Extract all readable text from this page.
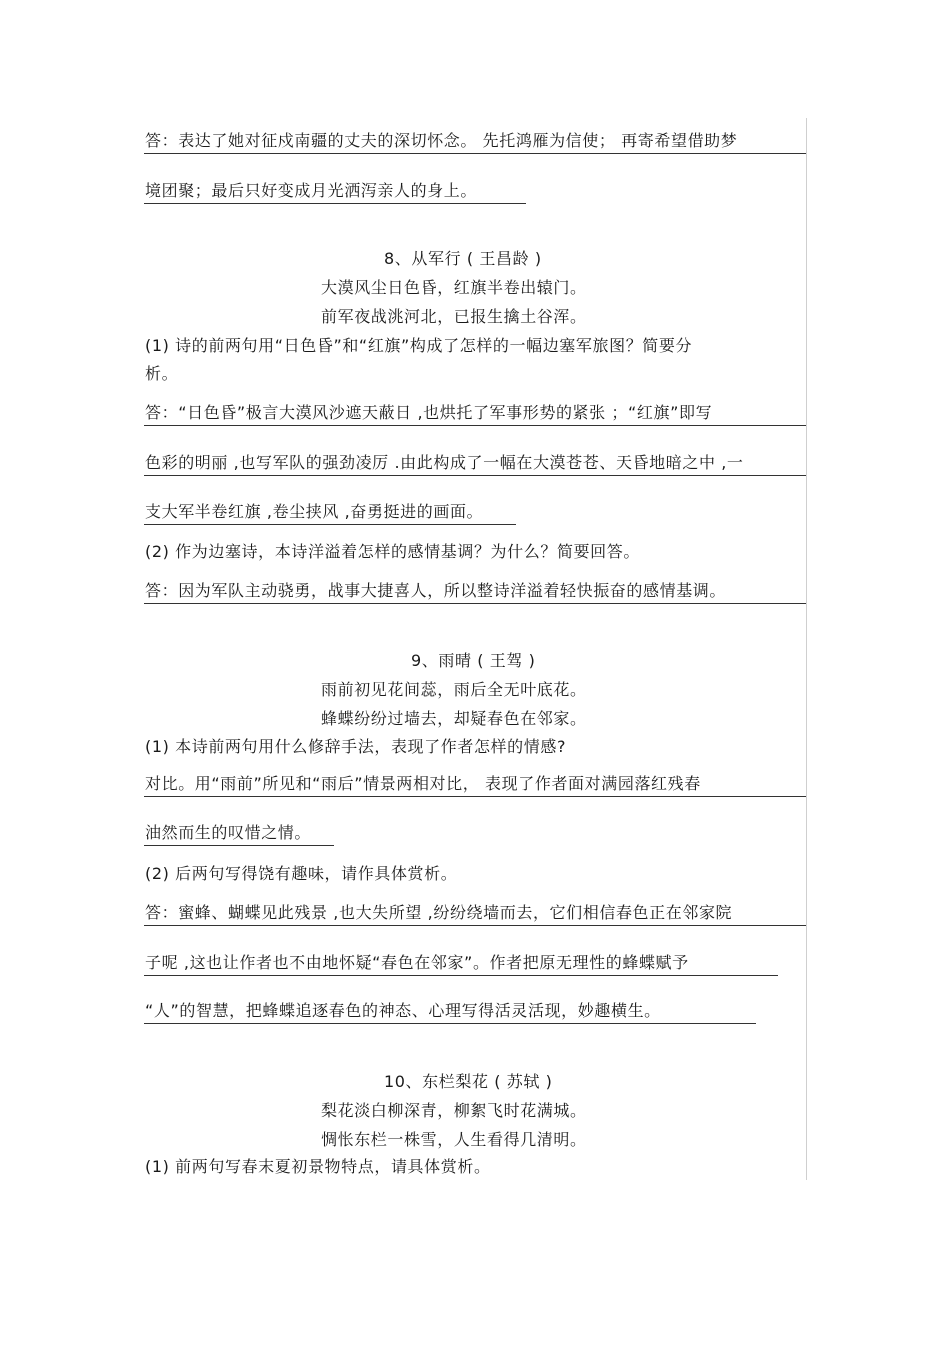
答：表达了她对征戍南疆的丈夫的深切怀念。 先托鸿雁为信使； 再寄希望借助梦
境团聚；最后只好变成月光洒泻亲人的身上。
8、从军行 ( 王昌龄 )
大漠风尘日色昏，红旗半卷出辕门。
前军夜战洮河北，已报生擒土谷浑。
(1) 诗的前两句用“日色昏”和“红旗”构成了怎样的一幅边塞军旅图？简要分
析。
答：“日色昏”极言大漠风沙遮天蔽日 ,也烘托了军事形势的紧张 ；“红旗”即写
色彩的明丽 ,也写军队的强劲凌厉 .由此构成了一幅在大漠苍苍、天昏地暗之中 ,一
支大军半卷红旗 ,卷尘挟风 ,奋勇挺进的画面。
(2) 作为边塞诗，本诗洋溢着怎样的感情基调？为什么？简要回答。
答：因为军队主动骁勇，战事大捷喜人，所以整诗洋溢着轻快振奋的感情基调。
9、雨晴 ( 王驾 )
雨前初见花间蕊，雨后全无叶底花。
蜂蝶纷纷过墙去，却疑春色在邻家。
(1) 本诗前两句用什么修辞手法，表现了作者怎样的情感?
对比。用“雨前”所见和“雨后”情景两相对比， 表现了作者面对满园落红残春
油然而生的叹惜之情。
(2) 后两句写得饶有趣味，请作具体赏析。
答：蜜蜂、蝴蝶见此残景 ,也大失所望 ,纷纷绕墙而去，它们相信春色正在邻家院
子呢 ,这也让作者也不由地怀疑“春色在邻家”。作者把原无理性的蜂蝶赋予
“人”的智慧，把蜂蝶追逐春色的神态、心理写得活灵活现，妙趣横生。
10、东栏梨花 ( 苏轼 )
梨花淡白柳深青，柳絮飞时花满城。
惆怅东栏一株雪，人生看得几清明。
(1) 前两句写春末夏初景物特点，请具体赏析。
